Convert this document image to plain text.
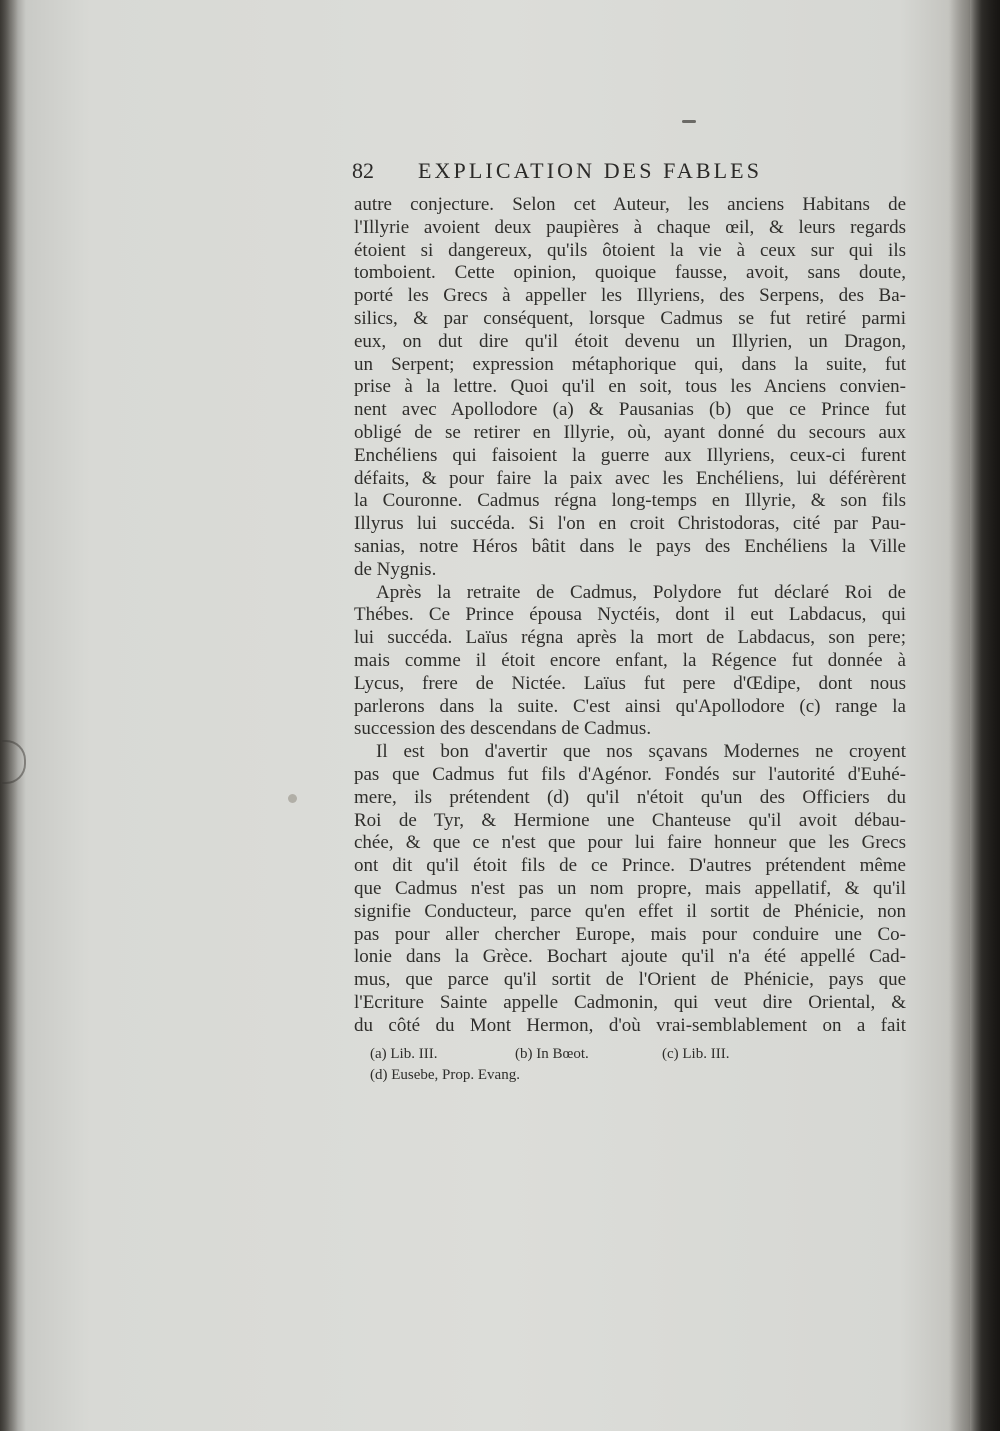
82 EXPLICATION DES FABLES
autre conjecture. Selon cet Auteur, les anciens Habitans de
l'Illyrie avoient deux paupières à chaque œil, & leurs regards
étoient si dangereux, qu'ils ôtoient la vie à ceux sur qui ils
tomboient. Cette opinion, quoique fausse, avoit, sans doute,
porté les Grecs à appeller les Illyriens, des Serpens, des Ba-
silics, & par conséquent, lorsque Cadmus se fut retiré parmi
eux, on dut dire qu'il étoit devenu un Illyrien, un Dragon,
un Serpent; expression métaphorique qui, dans la suite, fut
prise à la lettre. Quoi qu'il en soit, tous les Anciens convien-
nent avec Apollodore (a) & Pausanias (b) que ce Prince fut
obligé de se retirer en Illyrie, où, ayant donné du secours aux
Enchéliens qui faisoient la guerre aux Illyriens, ceux-ci furent
défaits, & pour faire la paix avec les Enchéliens, lui déférèrent
la Couronne. Cadmus régna long-temps en Illyrie, & son fils
Illyrus lui succéda. Si l'on en croit Christodoras, cité par Pau-
sanias, notre Héros bâtit dans le pays des Enchéliens la Ville
de Nygnis.
Après la retraite de Cadmus, Polydore fut déclaré Roi de
Thébes. Ce Prince épousa Nyctéis, dont il eut Labdacus, qui
lui succéda. Laïus régna après la mort de Labdacus, son pere;
mais comme il étoit encore enfant, la Régence fut donnée à
Lycus, frere de Nictée. Laïus fut pere d'Œdipe, dont nous
parlerons dans la suite. C'est ainsi qu'Apollodore (c) range la
succession des descendans de Cadmus.
Il est bon d'avertir que nos sçavans Modernes ne croyent
pas que Cadmus fut fils d'Agénor. Fondés sur l'autorité d'Euhé-
mere, ils prétendent (d) qu'il n'étoit qu'un des Officiers du
Roi de Tyr, & Hermione une Chanteuse qu'il avoit débau-
chée, & que ce n'est que pour lui faire honneur que les Grecs
ont dit qu'il étoit fils de ce Prince. D'autres prétendent même
que Cadmus n'est pas un nom propre, mais appellatif, & qu'il
signifie Conducteur, parce qu'en effet il sortit de Phénicie, non
pas pour aller chercher Europe, mais pour conduire une Co-
lonie dans la Grèce. Bochart ajoute qu'il n'a été appellé Cad-
mus, que parce qu'il sortit de l'Orient de Phénicie, pays que
l'Ecriture Sainte appelle Cadmonin, qui veut dire Oriental, &
du côté du Mont Hermon, d'où vrai-semblablement on a fait
(a) Lib. III.	(b) In Bœot.	(c) Lib. III.
(d) Eusebe, Prop. Evang.
